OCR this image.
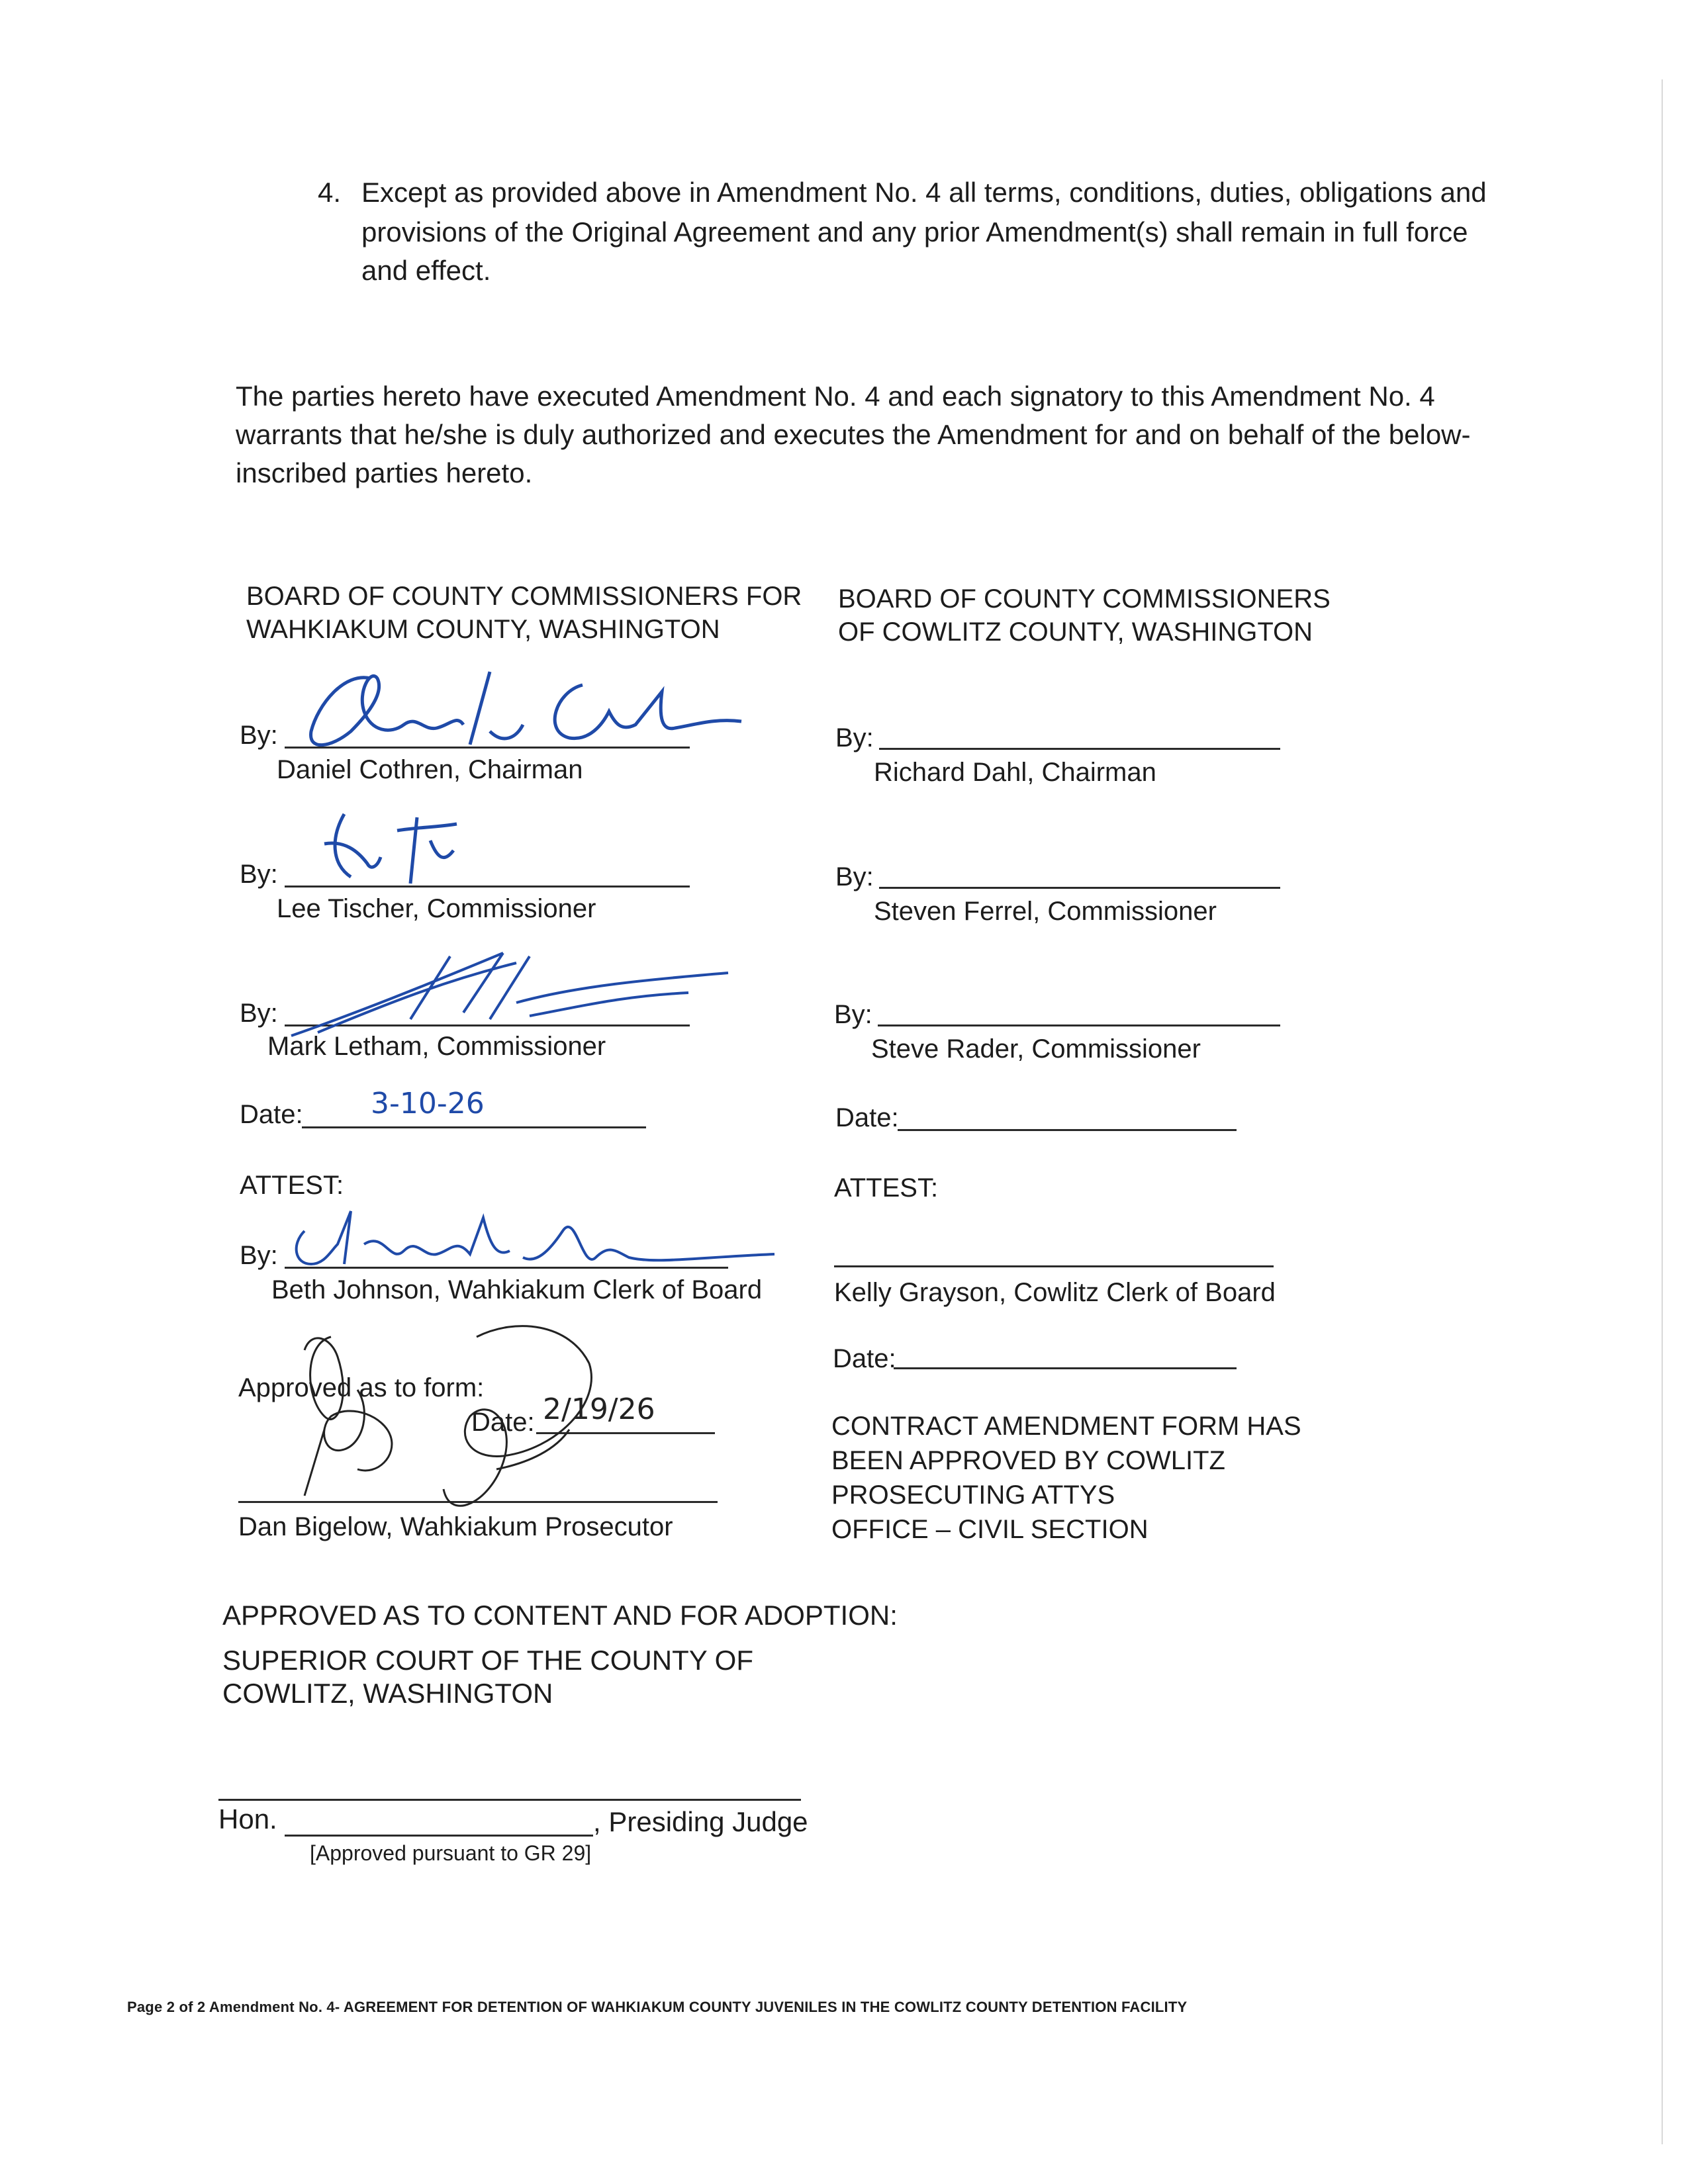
4. Except as provided above in Amendment No. 4 all terms, conditions, duties, obligations and
provisions of the Original Agreement and any prior Amendment(s) shall remain in full force
and effect.
The parties hereto have executed Amendment No. 4 and each signatory to this Amendment No. 4
warrants that he/she is duly authorized and executes the Amendment for and on behalf of the below-
inscribed parties hereto.
BOARD OF COUNTY COMMISSIONERS FOR
WAHKIAKUM COUNTY, WASHINGTON
By:
Daniel Cothren, Chairman
By:
Lee Tischer, Commissioner
By:
Mark Letham, Commissioner
Date: 3-10-26
ATTEST:
By:
Beth Johnson, Wahkiakum Clerk of Board
Approved as to form:
Date: 2/19/26
Dan Bigelow, Wahkiakum Prosecutor
BOARD OF COUNTY COMMISSIONERS
OF COWLITZ COUNTY, WASHINGTON
By:
Richard Dahl, Chairman
By:
Steven Ferrel, Commissioner
By:
Steve Rader, Commissioner
Date:
ATTEST:
Kelly Grayson, Cowlitz Clerk of Board
Date:
CONTRACT AMENDMENT FORM HAS
BEEN APPROVED BY COWLITZ
PROSECUTING ATTYS
OFFICE – CIVIL SECTION
APPROVED AS TO CONTENT AND FOR ADOPTION:
SUPERIOR COURT OF THE COUNTY OF
COWLITZ, WASHINGTON
Hon.	, Presiding Judge
[Approved pursuant to GR 29]
Page 2 of 2 Amendment No. 4- AGREEMENT FOR DETENTION OF WAHKIAKUM COUNTY JUVENILES IN THE COWLITZ COUNTY DETENTION FACILITY
